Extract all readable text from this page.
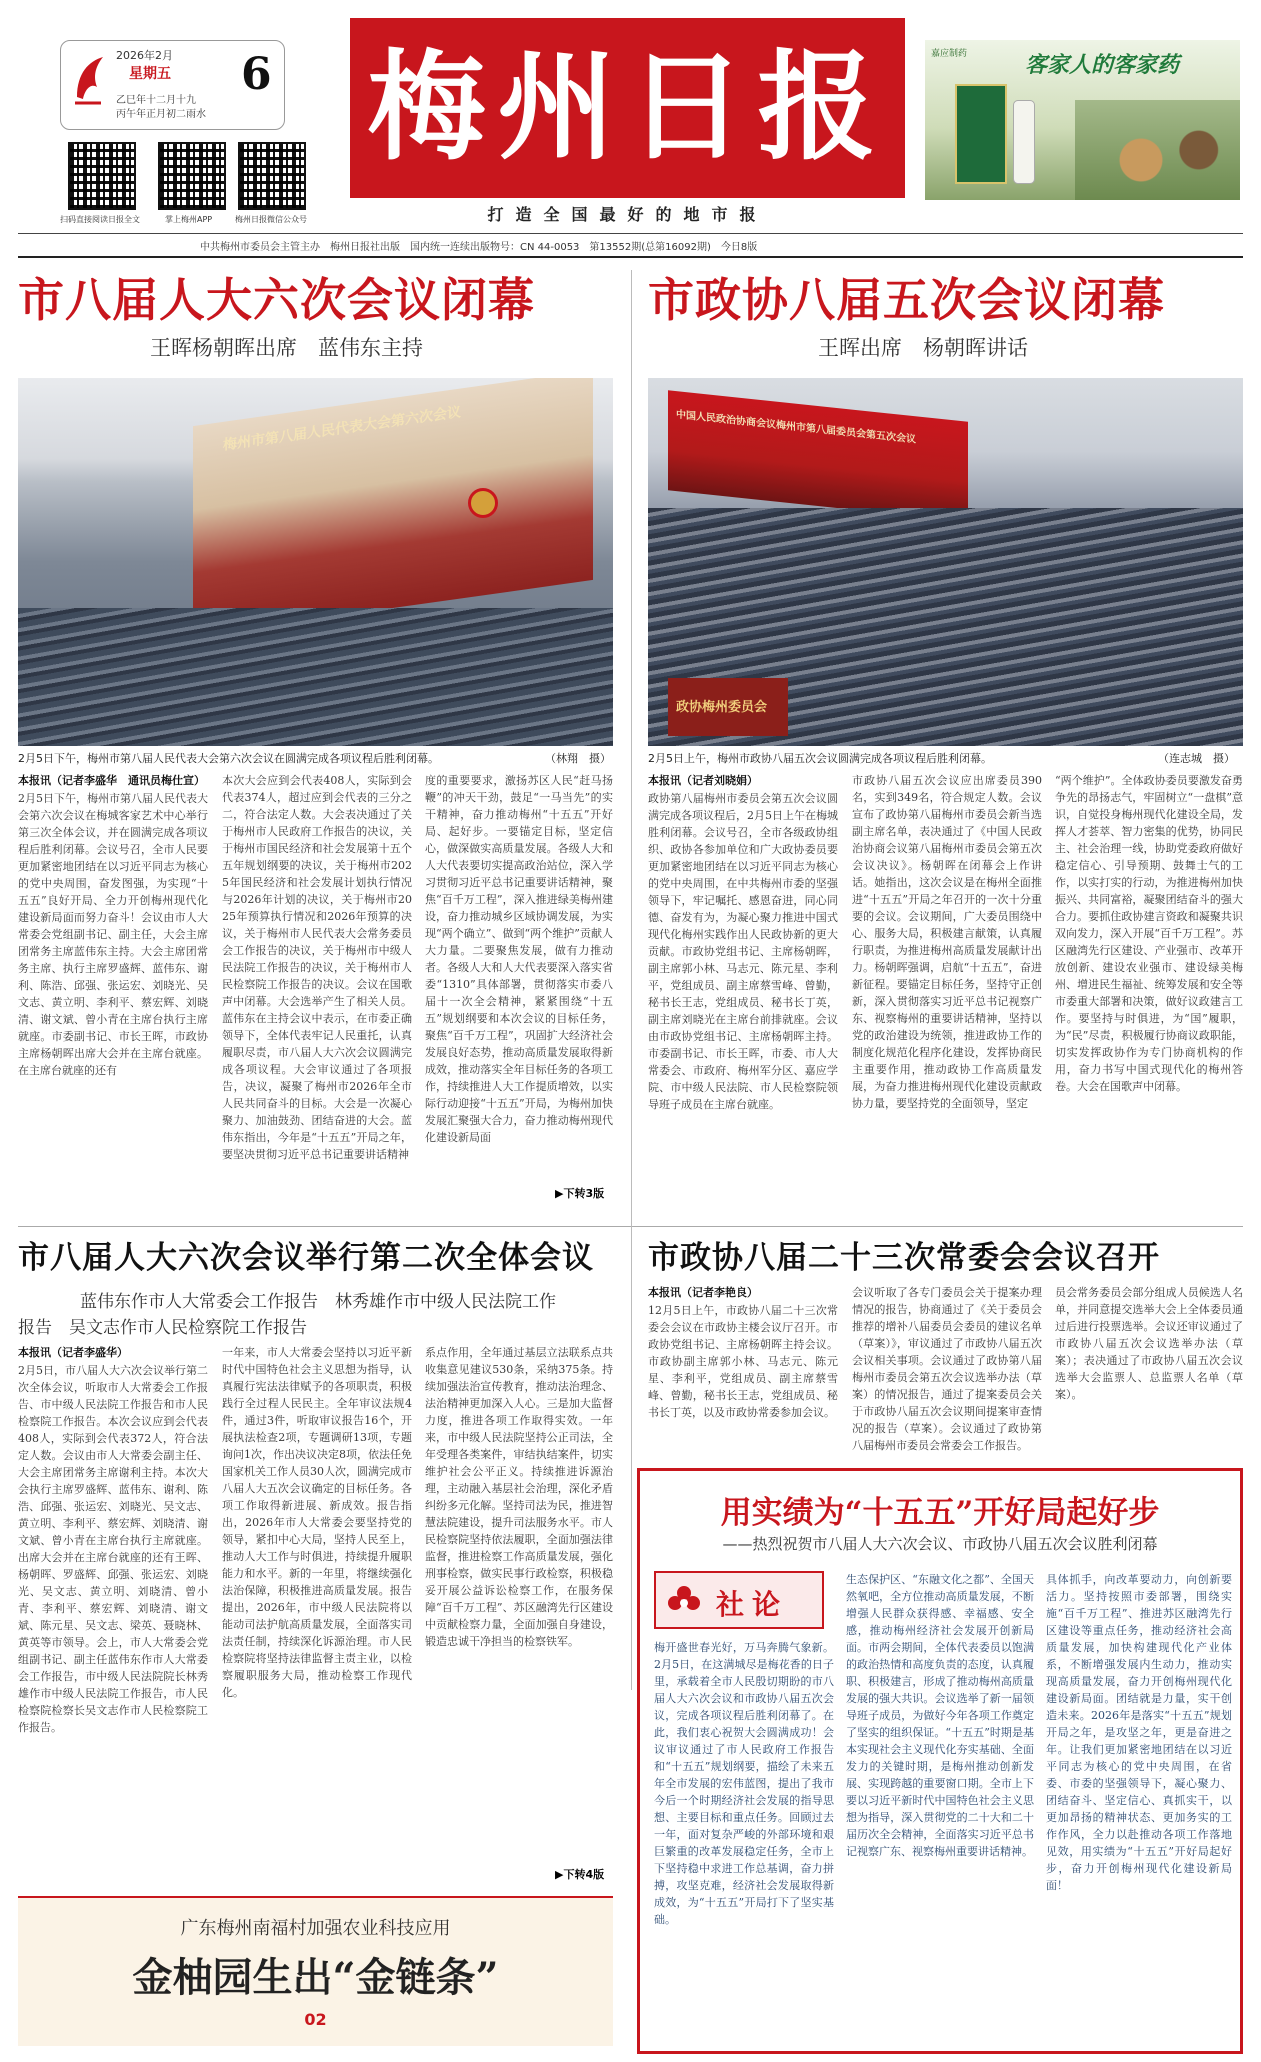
2026年2月
星期五 6
乙巳年十二月十九
丙午年正月初二雨水
扫码直接阅读日报全文	掌上梅州APP	梅州日报微信公众号
梅州日报
打造全国最好的地市报
嘉应制药	客家人的客家药
中共梅州市委员会主管主办　梅州日报社出版　国内统一连续出版物号：CN 44-0053　第13552期(总第16092期)　今日8版
市八届人大六次会议闭幕
王晖杨朝晖出席　蓝伟东主持
梅州市第八届人民代表大会第六次会议
2月5日下午，梅州市第八届人民代表大会第六次会议在圆满完成各项议程后胜利闭幕。	（林翔　摄）
本报讯（记者李盛华　通讯员梅仕宣）
2月5日下午，梅州市第八届人民代表大会第六次会议在梅城客家艺术中心举行第三次全体会议，并在圆满完成各项议程后胜利闭幕。会议号召，全市人民要更加紧密地团结在以习近平同志为核心的党中央周围，奋发图强，为实现“十五五”良好开局、全力开创梅州现代化建设新局面而努力奋斗！会议由市人大常委会党组副书记、副主任，大会主席团常务主席蓝伟东主持。大会主席团常务主席、执行主席罗盛辉、蓝伟东、谢利、陈浩、邱强、张运宏、刘晓光、吴文志、黄立明、李利平、蔡宏辉、刘晓清、谢文斌、曾小青在主席台执行主席就座。市委副书记、市长王晖，市政协主席杨朝晖出席大会并在主席台就座。在主席台就座的还有
本次大会应到会代表408人，实际到会代表374人，超过应到会代表的三分之二，符合法定人数。大会表决通过了关于梅州市人民政府工作报告的决议，关于梅州市国民经济和社会发展第十五个五年规划纲要的决议，关于梅州市2025年国民经济和社会发展计划执行情况与2026年计划的决议，关于梅州市2025年预算执行情况和2026年预算的决议，关于梅州市人民代表大会常务委员会工作报告的决议，关于梅州市中级人民法院工作报告的决议，关于梅州市人民检察院工作报告的决议。会议在国歌声中闭幕。大会选举产生了相关人员。蓝伟东在主持会议中表示，在市委正确领导下，全体代表牢记人民重托，认真履职尽责，市八届人大六次会议圆满完成各项议程。大会审议通过了各项报告，决议，凝聚了梅州市2026年全市人民共同奋斗的目标。大会是一次凝心聚力、加油鼓劲、团结奋进的大会。蓝伟东指出，今年是“十五五”开局之年，要坚决贯彻习近平总书记重要讲话精神
度的重要要求，激扬苏区人民“赶马扬鞭”的冲天干劲，鼓足“一马当先”的实干精神，奋力推动梅州“十五五”开好局、起好步。一要锚定目标，坚定信心，做深做实高质量发展。各级人大和人大代表要切实提高政治站位，深入学习贯彻习近平总书记重要讲话精神，聚焦“百千万工程”，深入推进绿美梅州建设，奋力推动城乡区域协调发展，为实现“两个确立”、做到“两个维护”贡献人大力量。二要聚焦发展，做有力推动者。各级人大和人大代表要深入落实省委“1310”具体部署，贯彻落实市委八届十一次全会精神，紧紧围绕“十五五”规划纲要和本次会议的目标任务，聚焦“百千万工程”，巩固扩大经济社会发展良好态势，推动高质量发展取得新成效，推动落实全年目标任务的各项工作，持续推进人大工作提质增效，以实际行动迎接“十五五”开局，为梅州加快发展汇聚强大合力，奋力推动梅州现代化建设新局面
▶下转3版
市政协八届五次会议闭幕
王晖出席　杨朝晖讲话
中国人民政治协商会议梅州市第八届委员会第五次会议
政协梅州委员会
2月5日上午，梅州市政协八届五次会议圆满完成各项议程后胜利闭幕。	（连志城　摄）
本报讯（记者刘晓娟）
政协第八届梅州市委员会第五次会议圆满完成各项议程后，2月5日上午在梅城胜利闭幕。会议号召，全市各级政协组织、政协各参加单位和广大政协委员要更加紧密地团结在以习近平同志为核心的党中央周围，在中共梅州市委的坚强领导下，牢记嘱托、感恩奋进，同心同德、奋发有为，为凝心聚力推进中国式现代化梅州实践作出人民政协新的更大贡献。市政协党组书记、主席杨朝晖，副主席郭小林、马志元、陈元星、李利平，党组成员、副主席蔡雪峰、曾勤，秘书长王志，党组成员、秘书长丁英，副主席刘晓光在主席台前排就座。会议由市政协党组书记、主席杨朝晖主持。市委副书记、市长王晖，市委、市人大常委会、市政府、梅州军分区、嘉应学院、市中级人民法院、市人民检察院领导班子成员在主席台就座。
市政协八届五次会议应出席委员390名，实到349名，符合规定人数。会议宣布了政协第八届梅州市委员会新当选副主席名单，表决通过了《中国人民政治协商会议第八届梅州市委员会第五次会议决议》。杨朝晖在闭幕会上作讲话。她指出，这次会议是在梅州全面推进“十五五”开局之年召开的一次十分重要的会议。会议期间，广大委员围绕中心、服务大局，积极建言献策，认真履行职责，为推进梅州高质量发展献计出力。杨朝晖强调，启航“十五五”，奋进新征程。要锚定目标任务，坚持守正创新，深入贯彻落实习近平总书记视察广东、视察梅州的重要讲话精神，坚持以党的政治建设为统领，推进政协工作的制度化规范化程序化建设，发挥协商民主重要作用，推动政协工作高质量发展，为奋力推进梅州现代化建设贡献政协力量，要坚持党的全面领导，坚定
“两个维护”。全体政协委员要激发奋勇争先的昂扬志气，牢固树立“一盘棋”意识，自觉投身梅州现代化建设全局，发挥人才荟萃、智力密集的优势，协同民主、社会治理一线，协助党委政府做好稳定信心、引导预期、鼓舞士气的工作，以实打实的行动，为推进梅州加快振兴、共同富裕，凝聚团结奋斗的强大合力。要抓住政协建言资政和凝聚共识双向发力，深入开展“百千万工程”。苏区融湾先行区建设、产业强市、改革开放创新、建设农业强市、建设绿美梅州、增进民生福祉、统筹发展和安全等市委重大部署和决策，做好议政建言工作。要坚持与时俱进，为“国”履职，为“民”尽责，积极履行协商议政职能，切实发挥政协作为专门协商机构的作用，奋力书写中国式现代化的梅州答卷。大会在国歌声中闭幕。
市八届人大六次会议举行第二次全体会议
蓝伟东作市人大常委会工作报告　林秀雄作市中级人民法院工作
报告　吴文志作市人民检察院工作报告
本报讯（记者李盛华）
2月5日，市八届人大六次会议举行第二次全体会议，听取市人大常委会工作报告、市中级人民法院工作报告和市人民检察院工作报告。本次会议应到会代表408人，实际到会代表372人，符合法定人数。会议由市人大常委会副主任、大会主席团常务主席谢利主持。本次大会执行主席罗盛辉、蓝伟东、谢利、陈浩、邱强、张运宏、刘晓光、吴文志、黄立明、李利平、蔡宏辉、刘晓清、谢文斌、曾小青在主席台执行主席就座。出席大会并在主席台就座的还有王晖、杨朝晖、罗盛辉、邱强、张运宏、刘晓光、吴文志、黄立明、刘晓清、曾小青、李利平、蔡宏辉、刘晓清、谢文斌、陈元星、吴文志、梁英、聂晓林、黄英等市领导。会上，市人大常委会党组副书记、副主任蓝伟东作市人大常委会工作报告，市中级人民法院院长林秀雄作市中级人民法院工作报告，市人民检察院检察长吴文志作市人民检察院工作报告。
一年来，市人大常委会坚持以习近平新时代中国特色社会主义思想为指导，认真履行宪法法律赋予的各项职责，积极践行全过程人民民主。全年审议法规4件，通过3件，听取审议报告16个，开展执法检查2项，专题调研13项，专题询问1次，作出决议决定8项，依法任免国家机关工作人员30人次，圆满完成市八届人大五次会议确定的目标任务。各项工作取得新进展、新成效。报告指出，2026年市人大常委会要坚持党的领导，紧扣中心大局，坚持人民至上，推动人大工作与时俱进，持续提升履职能力和水平。新的一年里，将继续强化法治保障，积极推进高质量发展。报告提出，2026年，市中级人民法院将以能动司法护航高质量发展，全面落实司法责任制，持续深化诉源治理。市人民检察院将坚持法律监督主责主业，以检察履职服务大局，推动检察工作现代化。
系点作用，全年通过基层立法联系点共收集意见建议530条，采纳375条。持续加强法治宣传教育，推动法治理念、法治精神更加深入人心。三是加大监督力度，推进各项工作取得实效。一年来，市中级人民法院坚持公正司法，全年受理各类案件，审结执结案件，切实维护社会公平正义。持续推进诉源治理，主动融入基层社会治理，深化矛盾纠纷多元化解。坚持司法为民，推进智慧法院建设，提升司法服务水平。市人民检察院坚持依法履职，全面加强法律监督，推进检察工作高质量发展，强化刑事检察，做实民事行政检察，积极稳妥开展公益诉讼检察工作，在服务保障“百千万工程”、苏区融湾先行区建设中贡献检察力量，全面加强自身建设，锻造忠诚干净担当的检察铁军。
▶下转4版
广东梅州南福村加强农业科技应用
金柚园生出“金链条”
02
市政协八届二十三次常委会会议召开
本报讯（记者李艳良）
12月5日上午，市政协八届二十三次常委会会议在市政协主楼会议厅召开。市政协党组书记、主席杨朝晖主持会议。市政协副主席郭小林、马志元、陈元星、李利平，党组成员、副主席蔡雪峰、曾勤，秘书长王志，党组成员、秘书长丁英，以及市政协常委参加会议。
会议听取了各专门委员会关于提案办理情况的报告，协商通过了《关于委员会推荐的增补八届委员会委员的建议名单（草案）》，审议通过了市政协八届五次会议相关事项。会议通过了政协第八届梅州市委员会第五次会议选举办法（草案）的情况报告，通过了提案委员会关于市政协八届五次会议期间提案审查情况的报告（草案）。会议通过了政协第八届梅州市委员会常委会工作报告。
员会常务委员会部分组成人员候选人名单，并同意提交选举大会上全体委员通过后进行投票选举。会议还审议通过了市政协八届五次会议选举办法（草案）；表决通过了市政协八届五次会议选举大会监票人、总监票人名单（草案）。
用实绩为“十五五”开好局起好步
——热烈祝贺市八届人大六次会议、市政协八届五次会议胜利闭幕
社论
梅开盛世春光好，万马奔腾气象新。2月5日，在这满城尽是梅花香的日子里，承载着全市人民殷切期盼的市八届人大六次会议和市政协八届五次会议，完成各项议程后胜利闭幕了。在此，我们衷心祝贺大会圆满成功！会议审议通过了市人民政府工作报告和“十五五”规划纲要，描绘了未来五年全市发展的宏伟蓝图，提出了我市今后一个时期经济社会发展的指导思想、主要目标和重点任务。回顾过去一年，面对复杂严峻的外部环境和艰巨繁重的改革发展稳定任务，全市上下坚持稳中求进工作总基调，奋力拼搏，攻坚克难，经济社会发展取得新成效，为“十五五”开局打下了坚实基础。
生态保护区、“东融文化之都”、全国天然氧吧，全方位推动高质量发展，不断增强人民群众获得感、幸福感、安全感，推动梅州经济社会发展开创新局面。市两会期间，全体代表委员以饱满的政治热情和高度负责的态度，认真履职、积极建言，形成了推动梅州高质量发展的强大共识。会议选举了新一届领导班子成员，为做好今年各项工作奠定了坚实的组织保证。“十五五”时期是基本实现社会主义现代化夯实基础、全面发力的关键时期，是梅州推动创新发展、实现跨越的重要窗口期。全市上下要以习近平新时代中国特色社会主义思想为指导，深入贯彻党的二十大和二十届历次全会精神，全面落实习近平总书记视察广东、视察梅州重要讲话精神。
具体抓手，向改革要动力，向创新要活力。坚持按照市委部署，围绕实施“百千万工程”、推进苏区融湾先行区建设等重点任务，推动经济社会高质量发展，加快构建现代化产业体系，不断增强发展内生动力，推动实现高质量发展，奋力开创梅州现代化建设新局面。团结就是力量，实干创造未来。2026年是落实“十五五”规划开局之年，是攻坚之年，更是奋进之年。让我们更加紧密地团结在以习近平同志为核心的党中央周围，在省委、市委的坚强领导下，凝心聚力、团结奋斗、坚定信心、真抓实干，以更加昂扬的精神状态、更加务实的工作作风，全力以赴推动各项工作落地见效，用实绩为“十五五”开好局起好步，奋力开创梅州现代化建设新局面！
